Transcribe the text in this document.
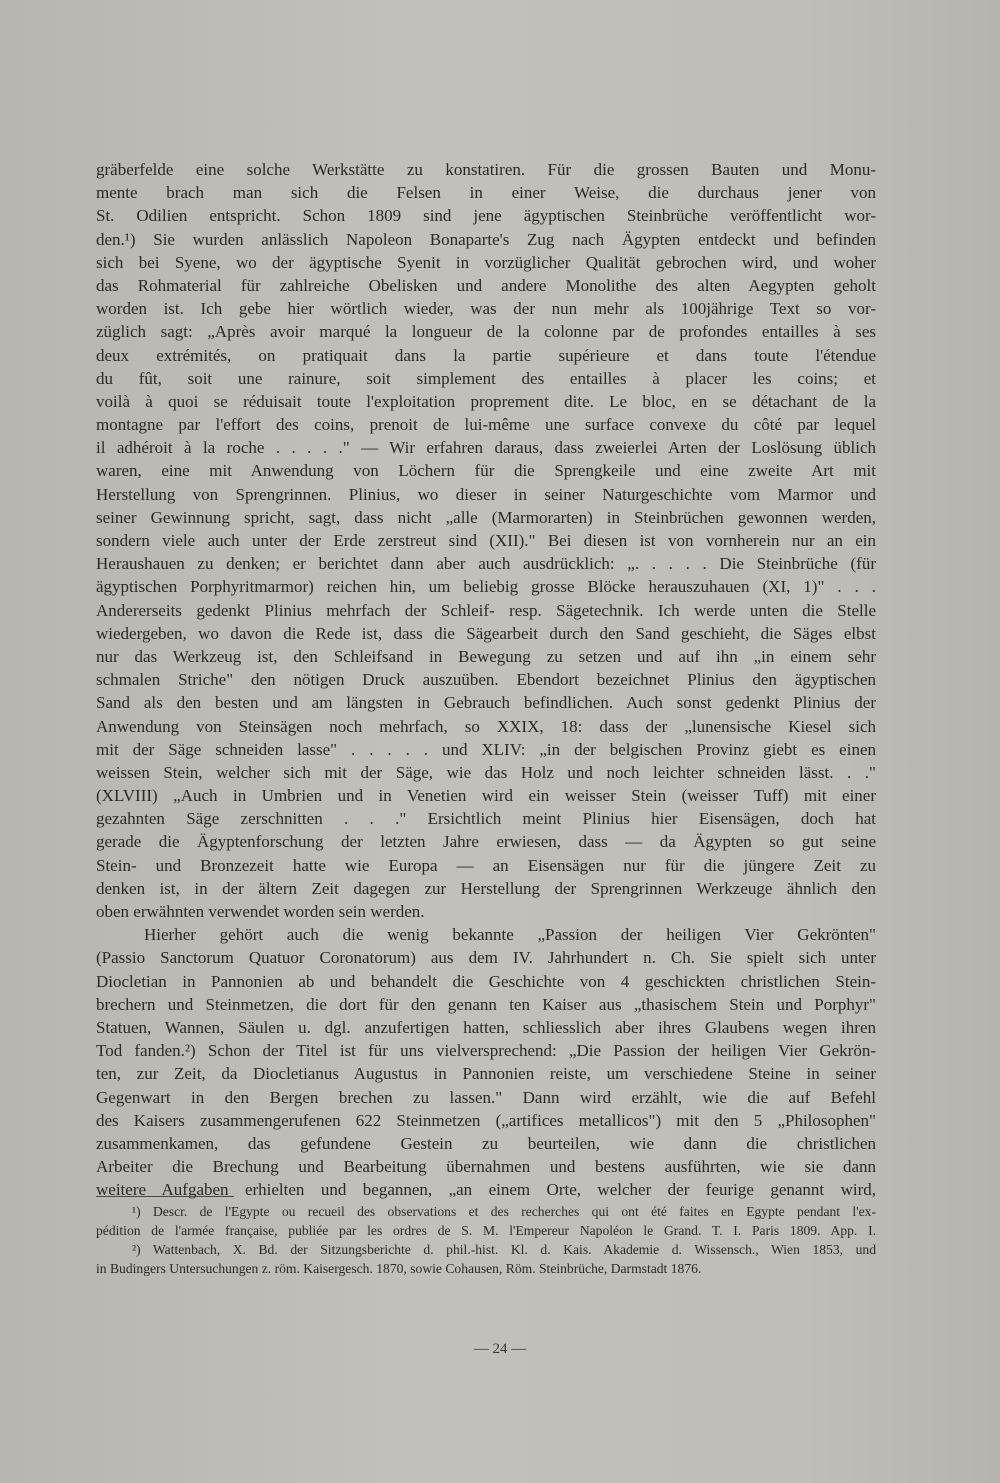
gräberfelde eine solche Werkstätte zu konstatiren. Für die grossen Bauten und Monu-
mente brach man sich die Felsen in einer Weise, die durchaus jener von
St. Odilien entspricht. Schon 1809 sind jene ägyptischen Steinbrüche veröffentlicht wor-
den.¹) Sie wurden anlässlich Napoleon Bonaparte's Zug nach Ägypten entdeckt und befinden
sich bei Syene, wo der ägyptische Syenit in vorzüglicher Qualität gebrochen wird, und woher
das Rohmaterial für zahlreiche Obelisken und andere Monolithe des alten Aegypten geholt
worden ist. Ich gebe hier wörtlich wieder, was der nun mehr als 100jährige Text so vor-
züglich sagt: „Après avoir marqué la longueur de la colonne par de profondes entailles à ses
deux extrémités, on pratiquait dans la partie supérieure et dans toute l'étendue
du fût, soit une rainure, soit simplement des entailles à placer les coins; et
voilà à quoi se réduisait toute l'exploitation proprement dite. Le bloc, en se détachant de la
montagne par l'effort des coins, prenoit de lui-même une surface convexe du côté par lequel
il adhéroit à la roche . . . . ." — Wir erfahren daraus, dass zweierlei Arten der Loslösung üblich
waren, eine mit Anwendung von Löchern für die Sprengkeile und eine zweite Art mit
Herstellung von Sprengrinnen. Plinius, wo dieser in seiner Naturgeschichte vom Marmor und
seiner Gewinnung spricht, sagt, dass nicht „alle (Marmorarten) in Steinbrüchen gewonnen werden,
sondern viele auch unter der Erde zerstreut sind (XII)." Bei diesen ist von vornherein nur an ein
Heraushauen zu denken; er berichtet dann aber auch ausdrücklich: „. . . . . Die Steinbrüche (für
ägyptischen Porphyritmarmor) reichen hin, um beliebig grosse Blöcke herauszuhauen (XI, 1)" . . .
Andererseits gedenkt Plinius mehrfach der Schleif- resp. Sägetechnik. Ich werde unten die Stelle
wiedergeben, wo davon die Rede ist, dass die Sägearbeit durch den Sand geschieht, die Säges elbst
nur das Werkzeug ist, den Schleifsand in Bewegung zu setzen und auf ihn „in einem sehr
schmalen Striche" den nötigen Druck auszuüben. Ebendort bezeichnet Plinius den ägyptischen
Sand als den besten und am längsten in Gebrauch befindlichen. Auch sonst gedenkt Plinius der
Anwendung von Steinsägen noch mehrfach, so XXIX, 18: dass der „lunensische Kiesel sich
mit der Säge schneiden lasse" . . . . . und XLIV: „in der belgischen Provinz giebt es einen
weissen Stein, welcher sich mit der Säge, wie das Holz und noch leichter schneiden lässt. . ."
(XLVIII) „Auch in Umbrien und in Venetien wird ein weisser Stein (weisser Tuff) mit einer
gezahnten Säge zerschnitten . . ." Ersichtlich meint Plinius hier Eisensägen, doch hat
gerade die Ägyptenforschung der letzten Jahre erwiesen, dass — da Ägypten so gut seine
Stein- und Bronzezeit hatte wie Europa — an Eisensägen nur für die jüngere Zeit zu
denken ist, in der ältern Zeit dagegen zur Herstellung der Sprengrinnen Werkzeuge ähnlich den
oben erwähnten verwendet worden sein werden.
Hierher gehört auch die wenig bekannte „Passion der heiligen Vier Gekrönten"
(Passio Sanctorum Quatuor Coronatorum) aus dem IV. Jahrhundert n. Ch. Sie spielt sich unter
Diocletian in Pannonien ab und behandelt die Geschichte von 4 geschickten christlichen Stein-
brechern und Steinmetzen, die dort für den genann ten Kaiser aus „thasischem Stein und Porphyr"
Statuen, Wannen, Säulen u. dgl. anzufertigen hatten, schliesslich aber ihres Glaubens wegen ihren
Tod fanden.²) Schon der Titel ist für uns vielversprechend: „Die Passion der heiligen Vier Gekrön-
ten, zur Zeit, da Diocletianus Augustus in Pannonien reiste, um verschiedene Steine in seiner
Gegenwart in den Bergen brechen zu lassen." Dann wird erzählt, wie die auf Befehl
des Kaisers zusammengerufenen 622 Steinmetzen („artifices metallicos") mit den 5 „Philosophen"
zusammenkamen, das gefundene Gestein zu beurteilen, wie dann die christlichen
Arbeiter die Brechung und Bearbeitung übernahmen und bestens ausführten, wie sie dann
weitere Aufgaben erhielten und begannen, „an einem Orte, welcher der feurige genannt wird,
¹) Descr. de l'Egypte ou recueil des observations et des recherches qui ont été faites en Egypte pendant l'ex-
pédition de l'armée française, publiée par les ordres de S. M. l'Empereur Napoléon le Grand. T. I. Paris 1809. App. I.
²) Wattenbach, X. Bd. der Sitzungsberichte d. phil.-hist. Kl. d. Kais. Akademie d. Wissensch., Wien 1853, und
in Budingers Untersuchungen z. röm. Kaisergesch. 1870, sowie Cohausen, Röm. Steinbrüche, Darmstadt 1876.
— 24 —
